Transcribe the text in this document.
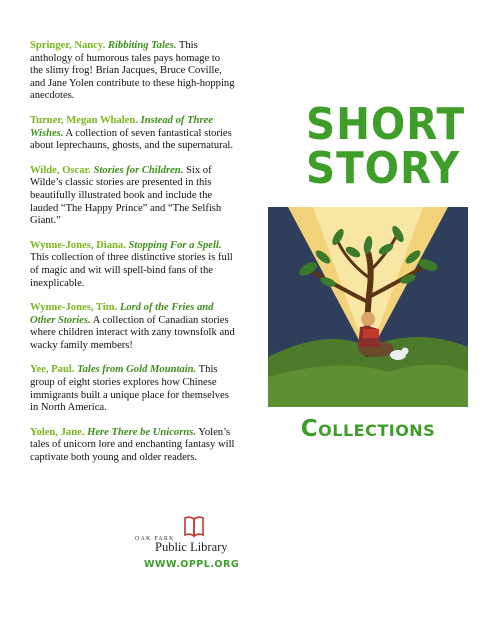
Springer, Nancy. Ribbiting Tales. This anthology of humorous tales pays homage to the slimy frog! Brian Jacques, Bruce Coville, and Jane Yolen contribute to these high-hopping anecdotes.

Turner, Megan Whalen. Instead of Three Wishes. A collection of seven fantastical stories about leprechauns, ghosts, and the supernatural.

Wilde, Oscar. Stories for Children. Six of Wilde’s classic stories are presented in this beautifully illustrated book and include the lauded “The Happy Prince” and “The Selfish Giant.”

Wynne-Jones, Diana. Stopping For a Spell. This collection of three distinctive stories is full of magic and wit will spell-bind fans of the inexplicable.

Wynne-Jones, Tim. Lord of the Fries and Other Stories. A collection of Canadian stories where children interact with zany townsfolk and wacky family members!

Yee, Paul. Tales from Gold Mountain. This group of eight stories explores how Chinese immigrants built a unique place for themselves in North America.

Yolen, Jane. Here There be Unicorns. Yolen’s tales of unicorn lore and enchanting fantasy will captivate both young and older readers.

SHORT
STORY
Collections
OAK PARK
Public Library
WWW.OPPL.ORG
